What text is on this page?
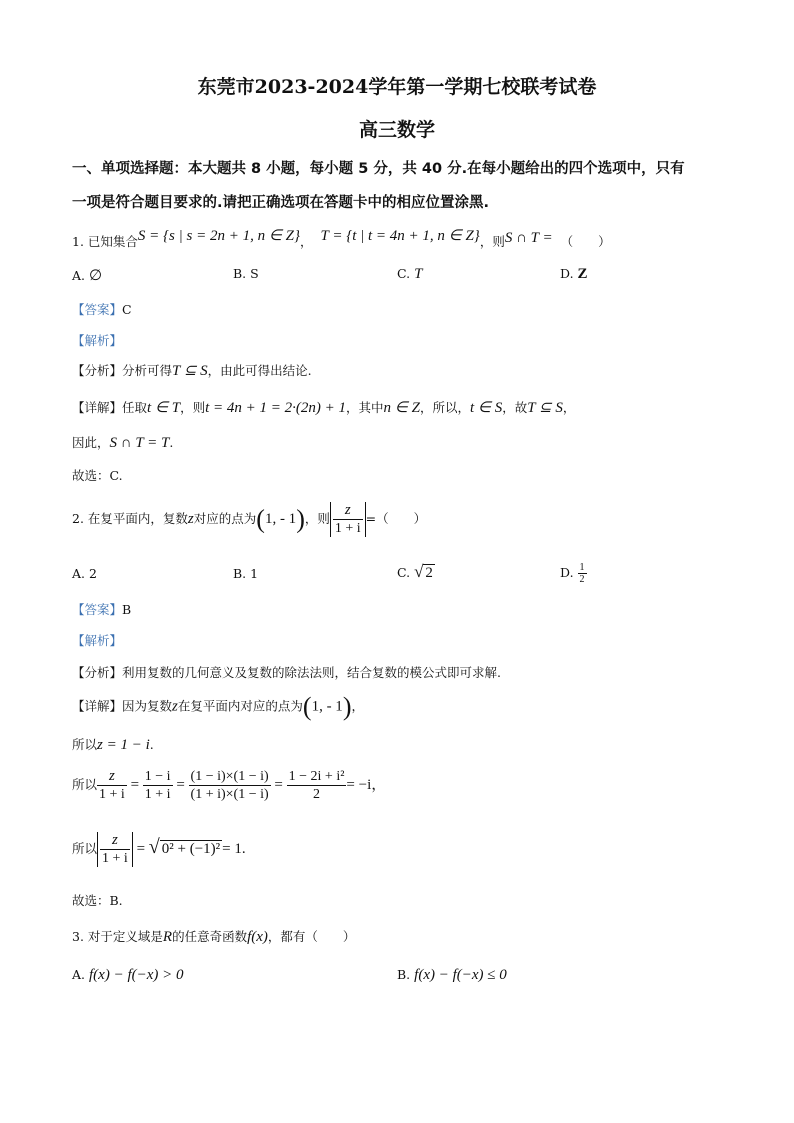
东莞市2023-2024学年第一学期七校联考试卷
高三数学
一、单项选择题：本大题共 8 小题，每小题 5 分，共 40 分.在每小题给出的四个选项中，只有
一项是符合题目要求的.请把正确选项在答题卡中的相应位置涂黑.
1. 已知集合S = {s | s = 2n + 1, n ∈ Z}， T = {t | t = 4n + 1, n ∈ Z}，则S ∩ T = （　　）
A. ∅	B. S	C. T	D. Z
【答案】C
【解析】
【分析】分析可得T ⊆ S，由此可得出结论.
【详解】任取t ∈ T，则t = 4n + 1 = 2·(2n) + 1，其中n ∈ Z，所以，t ∈ S，故T ⊆ S，
因此，S ∩ T = T.
故选：C.
2. 在复平面内，复数z对应的点为(1, - 1)，则 $\frac{z}{1 + i}$ =（　　）
A. 2	B. 1	C. √ 2	D. $\frac{1}{2}$
【答案】B
【解析】
【分析】利用复数的几何意义及复数的除法法则，结合复数的模公式即可求解.
【详解】因为复数z在复平面内对应的点为(1, - 1)，
所以z = 1 − i.
所以 $\frac{z}{1 + i} = \frac{1 - i}{1 + i} = \frac{(1 - i)\times(1 - i)}{(1 + i)\times(1 - i)} = \frac{\text{1 − 2i + i²}}{2} = -i$，
所以 $\frac{z}{1 + i}$ = √ 0² + (−1)² = 1.
故选：B.
3. 对于定义域是R的任意奇函数f(x)，都有（　　）
A. f(x) − f(−x) > 0	B. f(x) − f(−x) ≤ 0
